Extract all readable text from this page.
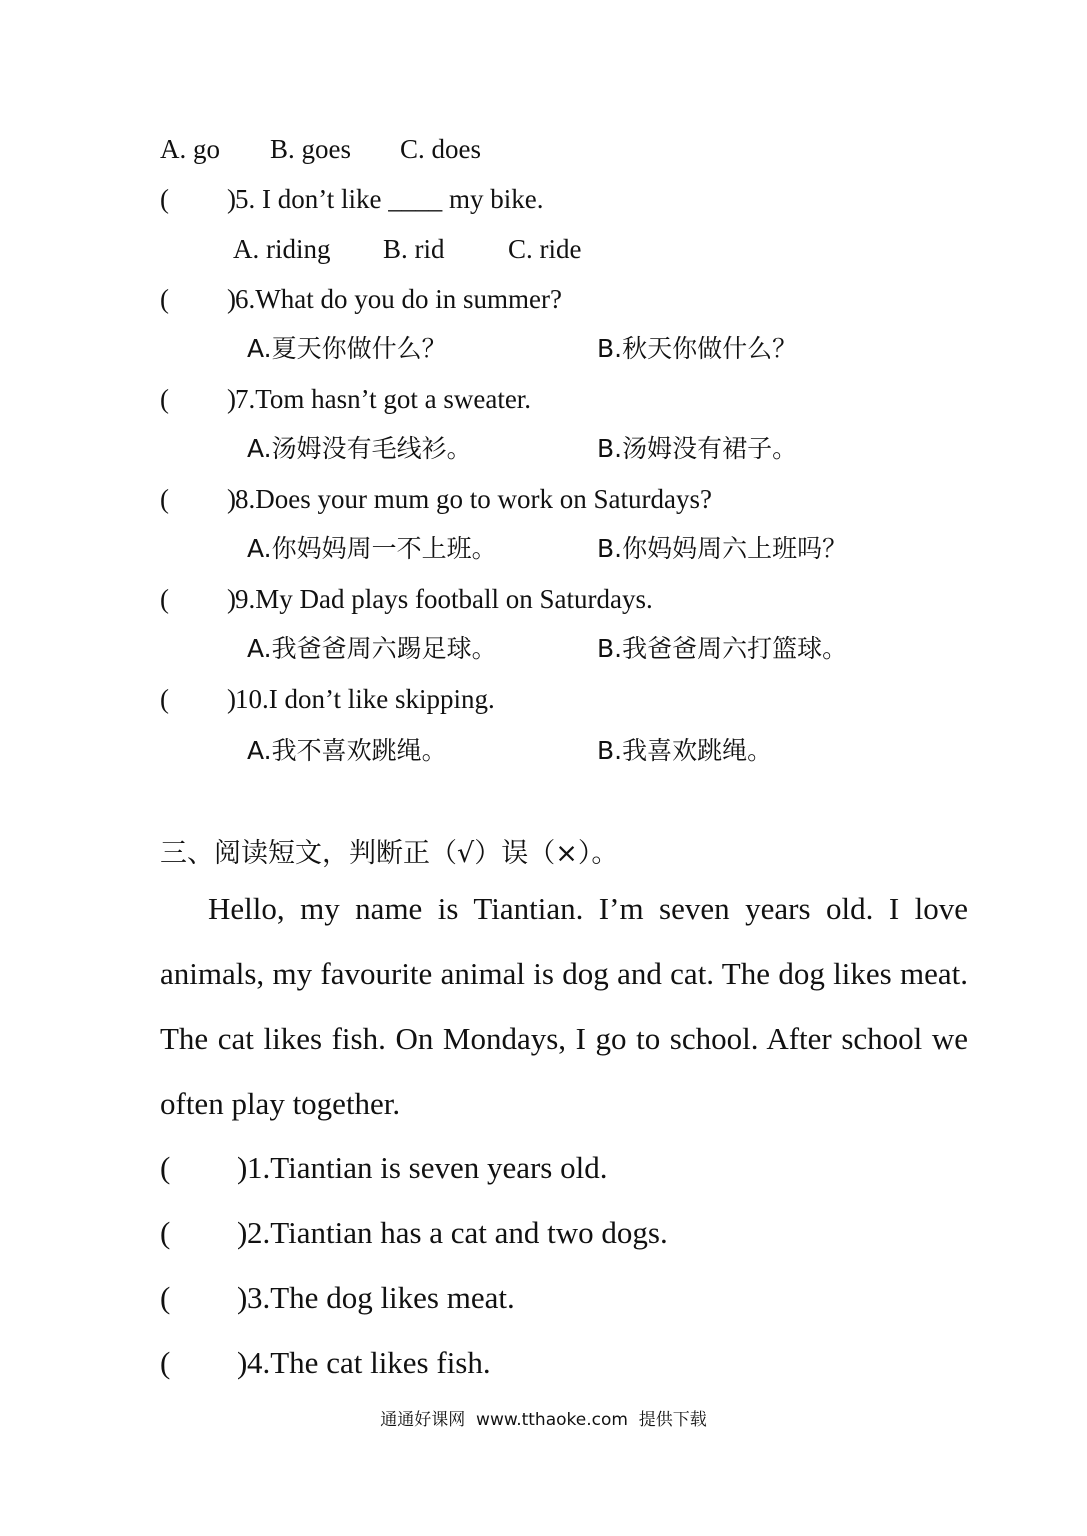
A. go B. goes C. does
( ) 5. I don’t like ____ my bike.
A. riding B. rid C. ride
( ) 6.What do you do in summer?
A.夏天你做什么？	B.秋天你做什么？
( ) 7.Tom hasn’t got a sweater.
A.汤姆没有毛线衫。	B.汤姆没有裙子。
( ) 8.Does your mum go to work on Saturdays?
A.你妈妈周一不上班。	B.你妈妈周六上班吗？
( ) 9.My Dad plays football on Saturdays.
A.我爸爸周六踢足球。	B.我爸爸周六打篮球。
( ) 10.I don’t like skipping.
A.我不喜欢跳绳。	B.我喜欢跳绳。
三、阅读短文，判断正（√）误（×）。

Hello, my name is Tiantian. I’m seven years old. I love animals, my favourite animal is dog and cat. The dog likes meat. The cat likes fish. On Mondays, I go to school. After school we often play together.

( ) 1.Tiantian is seven years old.
( ) 2.Tiantian has a cat and two dogs.
( ) 3.The dog likes meat.
( ) 4.The cat likes fish.
通通好课网  www.tthaoke.com  提供下载
